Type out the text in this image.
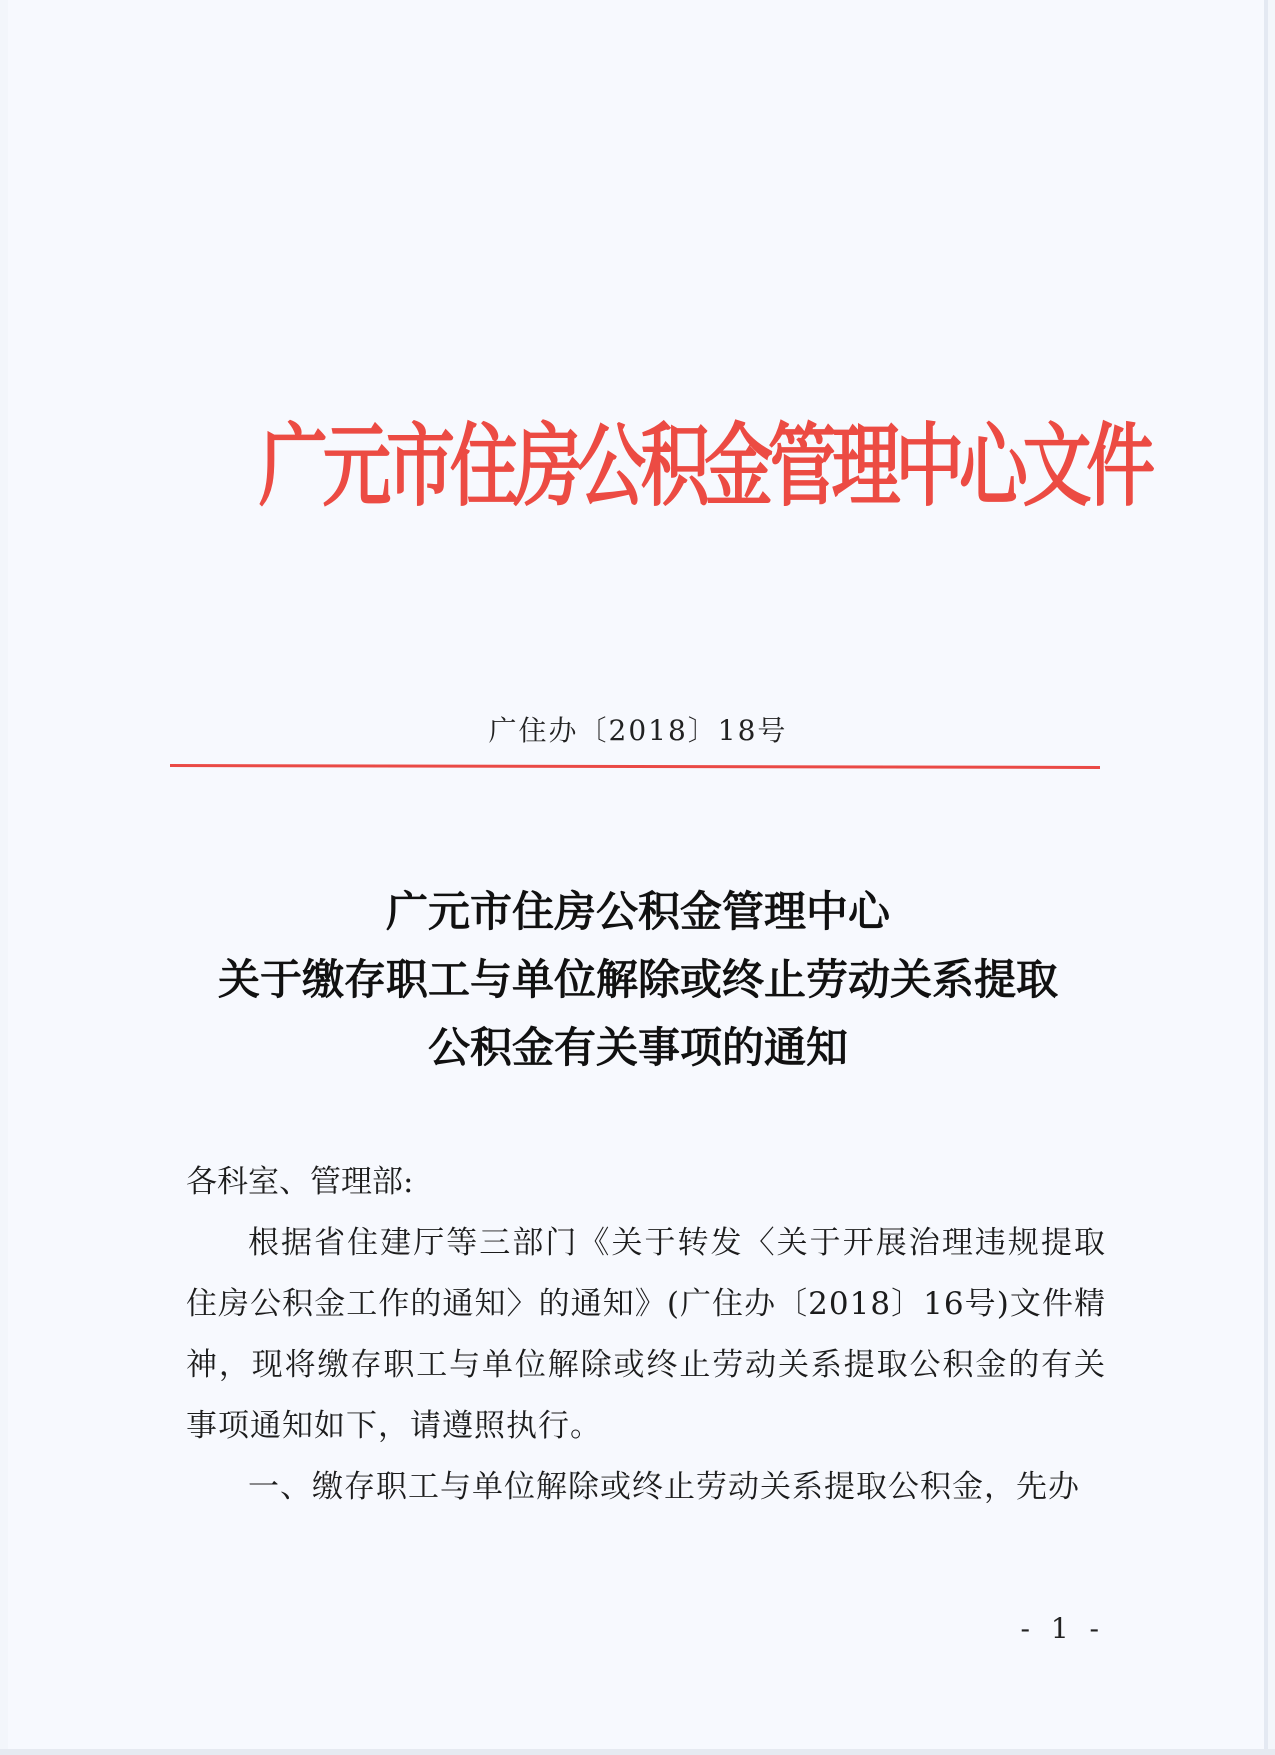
广元市住房公积金管理中心文件
广住办〔2018〕18号
广元市住房公积金管理中心
关于缴存职工与单位解除或终止劳动关系提取
公积金有关事项的通知
各科室、管理部:
根据省住建厅等三部门《关于转发〈关于开展治理违规提取住房公积金工作的通知〉的通知》(广住办〔2018〕16号)文件精神，现将缴存职工与单位解除或终止劳动关系提取公积金的有关事项通知如下，请遵照执行。
一、缴存职工与单位解除或终止劳动关系提取公积金，先办
- 1 -
